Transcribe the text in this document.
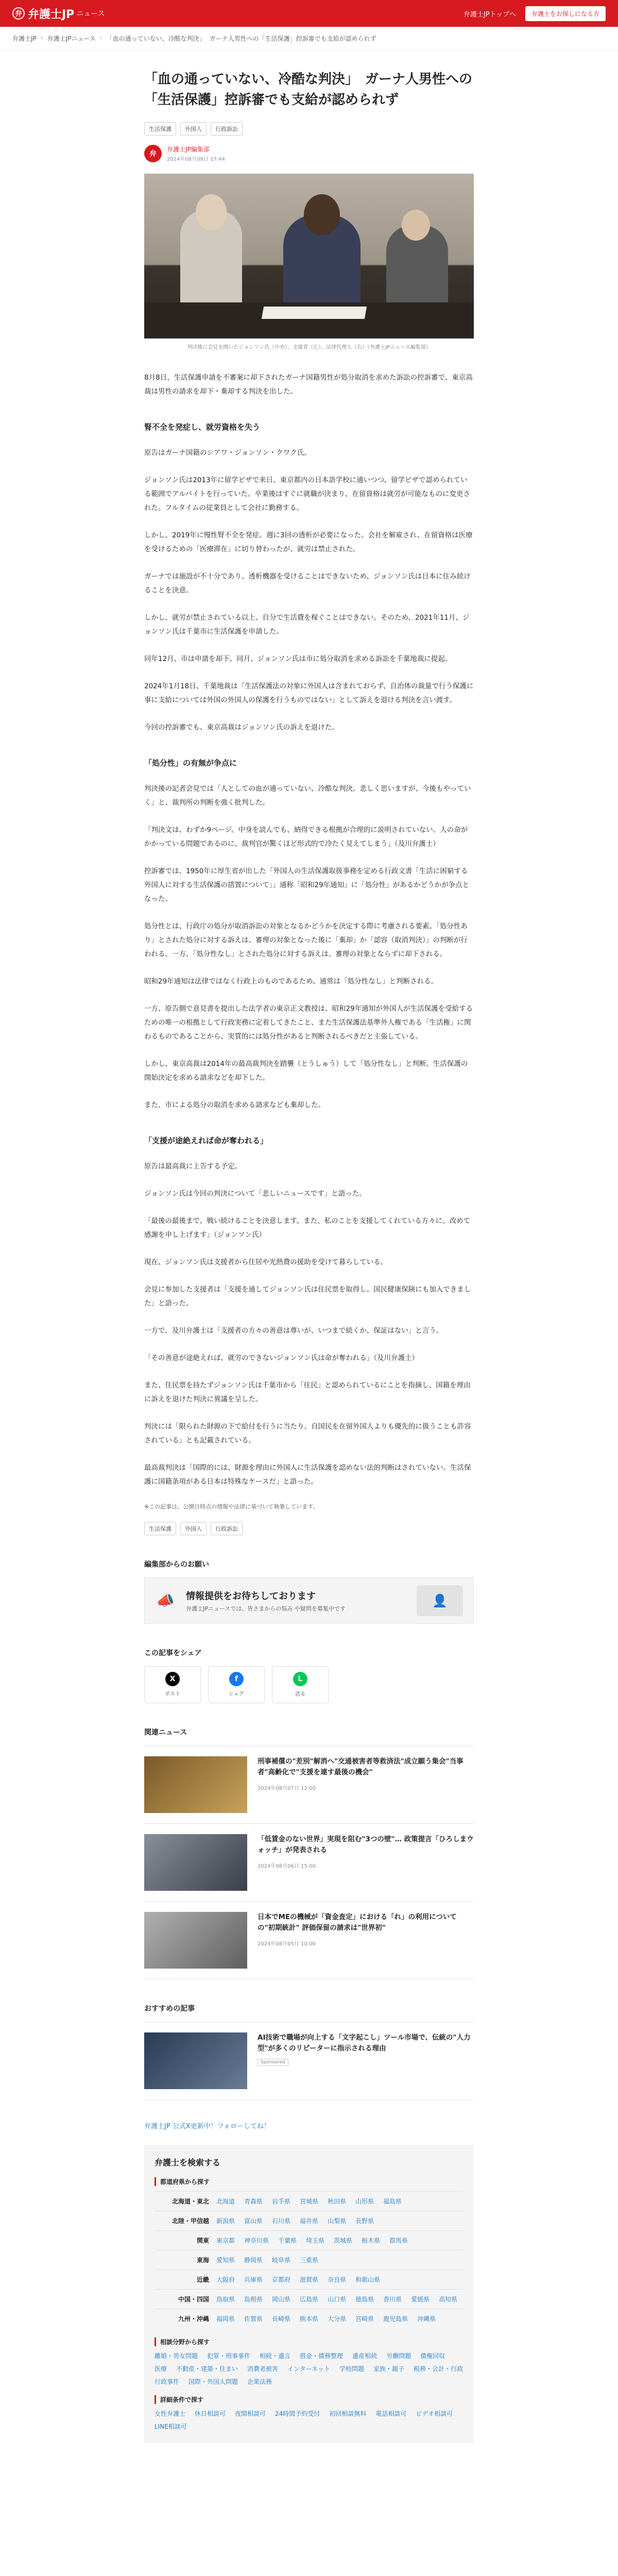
弁 弁護士JP ニュース	弁護士JPトップへ	弁護士をお探しになる方
弁護士JP › 弁護士JPニュース › 「血の通っていない、冷酷な判決」 ガーナ人男性への「生活保護」控訴審でも支給が認められず
「血の通っていない、冷酷な判決」　ガーナ人男性への「生活保護」控訴審でも支給が認められず
生活保護	外国人	行政訴訟
弁
弁護士JP編集部
2024年08月09日 17:44
判決後に会見を開いたジョンソン氏（中央）、支援者（左）、法律代理人（右）（弁護士JPニュース編集部）

8月8日、生活保護申請を不審案に却下されたガーナ国籍男性が処分取消を求めた訴訟の控訴審で、東京高裁は男性の請求を却下・棄却する判決を出した。

腎不全を発症し、就労資格を失う

原告はガーナ国籍のシアワ・ジョンソン・クワク氏。

ジョンソン氏は2013年に留学ビザで来日。東京都内の日本語学校に通いつつ、留学ビザで認められている範囲でアルバイトを行っていた。卒業後はすぐに就職が決まり、在留資格は就労が可能なものに変更された。フルタイムの従業員として会社に勤務する。

しかし、2019年に慢性腎不全を発症。週に3回の透析が必要になった。会社を解雇され、在留資格は医療を受けるための「医療滞在」に切り替わったが、就労は禁止された。

ガーナでは施設が不十分であり、透析機器を受けることはできないため、ジョンソン氏は日本に住み続けることを決意。

しかし、就労が禁止されている以上、自分で生活費を稼ぐことはできない。そのため、2021年11月、ジョンソン氏は千葉市に生活保護を申請した。

同年12月、市は申請を却下。同月、ジョンソン氏は市に処分取消を求める訴訟を千葉地裁に提起。

2024年1月18日、千葉地裁は「生活保護法の対象に外国人は含まれておらず、自治体の裁量で行う保護に事に支給については外国の外国人の保護を行うものではない」として訴えを退ける判決を言い渡す。

今回の控訴審でも、東京高裁はジョンソン氏の訴えを退けた。

「処分性」の有無が争点に

判決後の記者会見では「人としての血が通っていない、冷酷な判決。悲しく思いますが、今後もやっていく」と、裁判所の判断を強く批判した。

「判決文は、わずか9ページ。中身を読んでも、納得できる根拠が合理的に説明されていない。人の命がかかっている問題であるのに、裁判官が驚くほど形式的で冷たく見えてしまう」（及川弁護士）

控訴審では、1950年に厚生省が出した「外国人の生活保護取扱事務を定める行政文書「生活に困窮する外国人に対する生活保護の措置について」」通称「昭和29年通知」に「処分性」があるかどうかが争点となった。

処分性とは、行政庁の処分が取消訴訟の対象となるかどうかを決定する際に考慮される要素。「処分性あり」とされた処分に対する訴えは、審理の対象となった後に「棄却」か「認容（取消判決）」の判断が行われる。一方、「処分性なし」とされた処分に対する訴えは、審理の対象とならずに却下される。

昭和29年通知は法律ではなく行政上のものであるため、通常は「処分性なし」と判断される。

一方、原告側で意見書を提出した法学者の東京正文教授は、昭和29年通知が外国人が生活保護を受給するための唯一の根拠として行政実務に定着してきたこと、また生活保護法基準外人権である「生活権」に関わるものであることから、実質的には処分性があると判断されるべきだと主張している。

しかし、東京高裁は2014年の最高裁判決を踏襲（とうしゅう）して「処分性なし」と判断、生活保護の開始決定を求める請求などを却下した。

また、市による処分の取消を求める請求なども棄却した。

「支援が途絶えれば命が奪われる」

原告は最高裁に上告する予定。

ジョンソン氏は今回の判決について「悲しいニュースです」と語った。

「最後の最後まで、戦い続けることを決意します。また、私のことを支援してくれている方々に、改めて感謝を申し上げます」（ジョンソン氏）

現在、ジョンソン氏は支援者から住居や光熱費の援助を受けて暮らしている。

会見に参加した支援者は「支援を通してジョンソン氏は住民票を取得し、国民健康保険にも加入できました」と語った。

一方で、及川弁護士は「支援者の方々の善意は尊いが、いつまで続くか、保証はない」と言う。

「その善意が途絶えれば、就労のできないジョンソン氏は命が奪われる」（及川弁護士）

また、住民票を持たずジョンソン氏は千葉市から「住民」と認められているにことを指摘し、国籍を理由に訴えを退けた判決に異議を呈した。

判決には「限られた財源の下で給付を行うに当たり、自国民を在留外国人よりも優先的に扱うことも許容されている」とも記載されている。

最高裁判決は「国際的には、財源を理由に外国人に生活保護を認めない法的判断はされていない。生活保護に国籍条項がある日本は特殊なケースだ」と語った。

※この記事は、公開日時点の情報や法律に基づいて執筆しています。
生活保護	外国人	行政訴訟
編集部からのお願い
📣 情報提供をお待ちしております
弁護士JPニュースでは、皆さまからの悩み や疑問を募集中です
👤
この記事をシェア
X
ポスト
f
シェア
L
送る
関連ニュース
刑事補償の"差別"解消へ"交通被害者等救済法"成立願う集会"当事者"高齢化で"支援を連す最後の機会"
2024年08月07日 12:00
「低賃金のない世界」実現を阻む"3つの壁"… 政策提言「ひろしまウォッチ」が発表される
2024年08月06日 15:00
日本でMEの機械が「資金査定」における「れ」の利用についての"初期統計" 評価保留の請求は"世界初"
2024年08月05日 10:00
おすすめの記事
AI技術で職場が向上する「文字起こし」ツール市場で、伝統の"人力型"が多くのリピーターに指示される理由
Sponsored
弁護士JP 公式X更新中！フォローしてね！
弁護士を検索する
都道府県から探す
北海道・東北	北海道 青森県 岩手県 宮城県 秋田県 山形県 福島県
北陸・甲信越	新潟県 富山県 石川県 福井県 山梨県 長野県
関東	東京都 神奈川県 千葉県 埼玉県 茨城県 栃木県 群馬県
東海	愛知県 静岡県 岐阜県 三重県
近畿	大阪府 兵庫県 京都府 滋賀県 奈良県 和歌山県
中国・四国	鳥取県 島根県 岡山県 広島県 山口県 徳島県 香川県 愛媛県 高知県
九州・沖縄	福岡県 佐賀県 長崎県 熊本県 大分県 宮崎県 鹿児島県 沖縄県
相談分野から探す
離婚・男女問題 犯罪・刑事事件 相続・遺言 借金・債務整理 遺産相続 労働問題 債権回収
医療 不動産・建築・住まい 消費者被害 インターネット 学校問題 家族・親子 税務・会計・行政
行政事件 国際・外国人問題 企業法務
詳細条件で探す
女性弁護士 休日相談可 夜間相談可 24時間予約受付 初回相談無料 電話相談可 ビデオ相談可
LINE相談可
